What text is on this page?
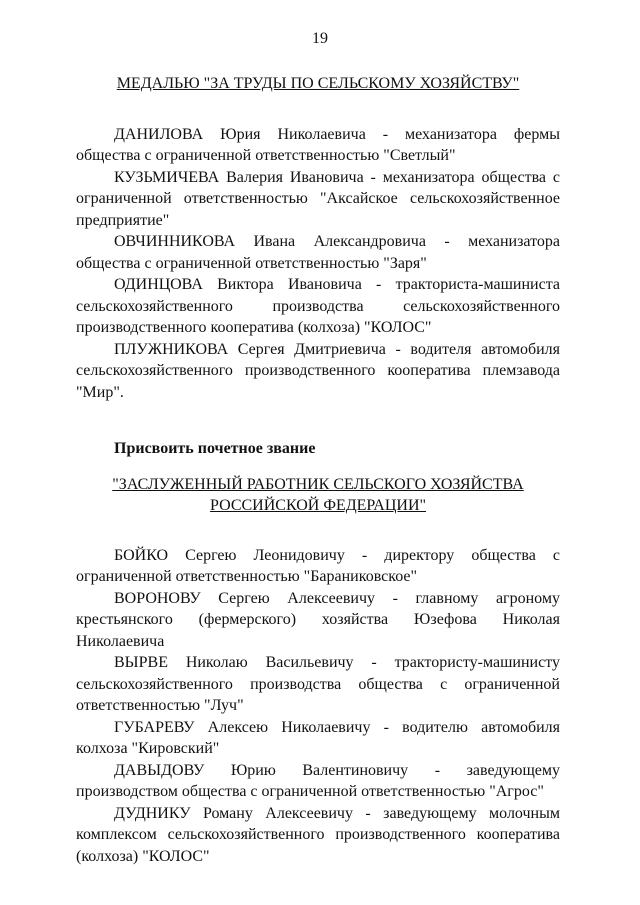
19

МЕДАЛЬЮ "ЗА ТРУДЫ ПО СЕЛЬСКОМУ ХОЗЯЙСТВУ"

ДАНИЛОВА Юрия Николаевича - механизатора фермы общества с ограниченной ответственностью "Светлый"

КУЗЬМИЧЕВА Валерия Ивановича - механизатора общества с ограниченной ответственностью "Аксайское сельскохозяйственное предприятие"

ОВЧИННИКОВА Ивана Александровича - механизатора общества с ограниченной ответственностью "Заря"

ОДИНЦОВА Виктора Ивановича - тракториста-машиниста сельскохозяйственного производства сельскохозяйственного производственного кооператива (колхоза) "КОЛОС"

ПЛУЖНИКОВА Сергея Дмитриевича - водителя автомобиля сельскохозяйственного производственного кооператива племзавода "Мир".

Присвоить почетное звание

"ЗАСЛУЖЕННЫЙ РАБОТНИК СЕЛЬСКОГО ХОЗЯЙСТВА
РОССИЙСКОЙ ФЕДЕРАЦИИ"

БОЙКО Сергею Леонидовичу - директору общества с ограниченной ответственностью "Бараниковское"

ВОРОНОВУ Сергею Алексеевичу - главному агроному крестьянского (фермерского) хозяйства Юзефова Николая Николаевича

ВЫРВЕ Николаю Васильевичу - трактористу-машинисту сельскохозяйственного производства общества с ограниченной ответственностью "Луч"

ГУБАРЕВУ Алексею Николаевичу - водителю автомобиля колхоза "Кировский"

ДАВЫДОВУ Юрию Валентиновичу - заведующему производством общества с ограниченной ответственностью "Агрос"

ДУДНИКУ Роману Алексеевичу - заведующему молочным комплексом сельскохозяйственного производственного кооператива (колхоза) "КОЛОС"
